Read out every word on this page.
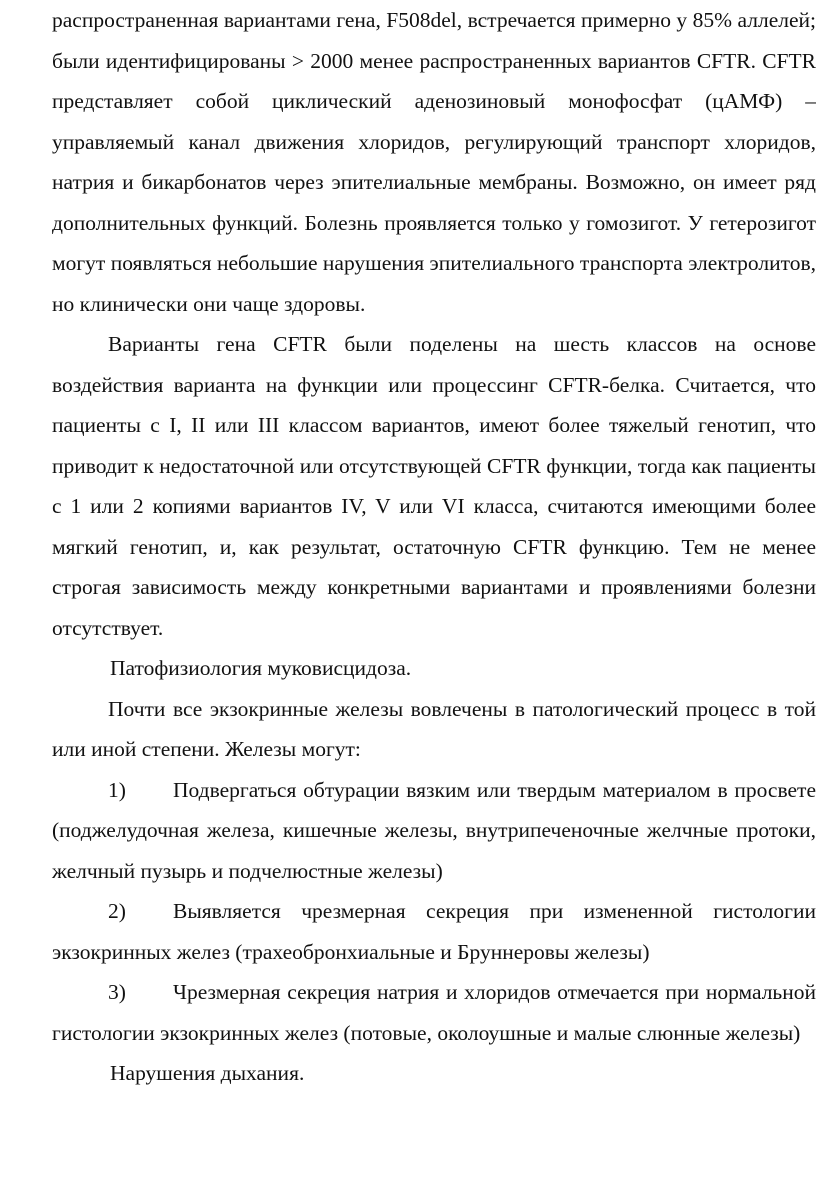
распространенная вариантами гена, F508del, встречается примерно у 85% аллелей; были идентифицированы > 2000 менее распространенных вариантов CFTR. CFTR представляет собой циклический аденозиновый монофосфат (цАМФ) – управляемый канал движения хлоридов, регулирующий транспорт хлоридов, натрия и бикарбонатов через эпителиальные мембраны. Возможно, он имеет ряд дополнительных функций. Болезнь проявляется только у гомозигот. У гетерозигот могут появляться небольшие нарушения эпителиального транспорта электролитов, но клинически они чаще здоровы.

Варианты гена CFTR были поделены на шесть классов на основе воздействия варианта на функции или процессинг CFTR-белка. Считается, что пациенты с I, II или III классом вариантов, имеют более тяжелый генотип, что приводит к недостаточной или отсутствующей CFTR функции, тогда как пациенты с 1 или 2 копиями вариантов IV, V или VI класса, считаются имеющими более мягкий генотип, и, как результат, остаточную CFTR функцию. Тем не менее строгая зависимость между конкретными вариантами и проявлениями болезни отсутствует.

Патофизиология муковисцидоза.

Почти все экзокринные железы вовлечены в патологический процесс в той или иной степени. Железы могут:

1) Подвергаться обтурации вязким или твердым материалом в просвете (поджелудочная железа, кишечные железы, внутрипеченочные желчные протоки, желчный пузырь и подчелюстные железы)

2) Выявляется чрезмерная секреция при измененной гистологии экзокринных желез (трахеобронхиальные и Бруннеровы железы)

3) Чрезмерная секреция натрия и хлоридов отмечается при нормальной гистологии экзокринных желез (потовые, околоушные и малые слюнные железы)

Нарушения дыхания.
